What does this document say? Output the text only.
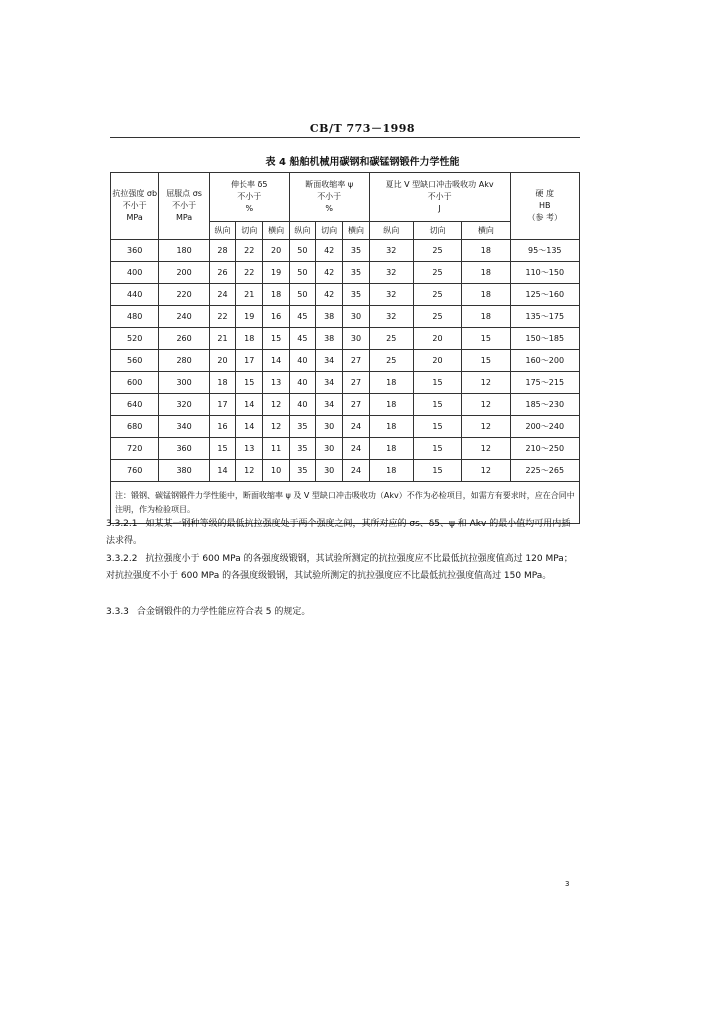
CB/T 773－1998
表 4 船舶机械用碳钢和碳锰钢锻件力学性能
抗拉强度 σb
不小于
MPa	屈服点 σs
不小于
MPa	伸长率 δ5
不小于
%			断面收缩率 ψ
不小于
%			夏比 V 型缺口冲击吸收功 Akv
不小于
J			硬 度
HB
（参 考）
		纵向	切向	横向	纵向	切向	横向	纵向	切向	横向	
360	180	28	22	20	50	42	35	32	25	18	95～135
400	200	26	22	19	50	42	35	32	25	18	110～150
440	220	24	21	18	50	42	35	32	25	18	125～160
480	240	22	19	16	45	38	30	32	25	18	135～175
520	260	21	18	15	45	38	30	25	20	15	150～185
560	280	20	17	14	40	34	27	25	20	15	160～200
600	300	18	15	13	40	34	27	18	15	12	175～215
640	320	17	14	12	40	34	27	18	15	12	185～230
680	340	16	14	12	35	30	24	18	15	12	200～240
720	360	15	13	11	35	30	24	18	15	12	210～250
760	380	14	12	10	35	30	24	18	15	12	225～265
注：锻钢、碳锰钢锻件力学性能中，断面收缩率 ψ 及 V 型缺口冲击吸收功（Akv）不作为必检项目，如需方有要求时，应在合同中注明，作为检验项目。											
3.3.2.1 如某某一钢种等级的最低抗拉强度处于两个强度之间，其所对应的 σs、δ5、ψ 和 Akv 的最小值均可用内插法求得。
3.3.2.2 抗拉强度小于 600 MPa 的各强度级锻钢，其试验所测定的抗拉强度应不比最低抗拉强度值高过 120 MPa；对抗拉强度不小于 600 MPa 的各强度级锻钢，其试验所测定的抗拉强度应不比最低抗拉强度值高过 150 MPa。
3.3.3 合金钢锻件的力学性能应符合表 5 的规定。
3
